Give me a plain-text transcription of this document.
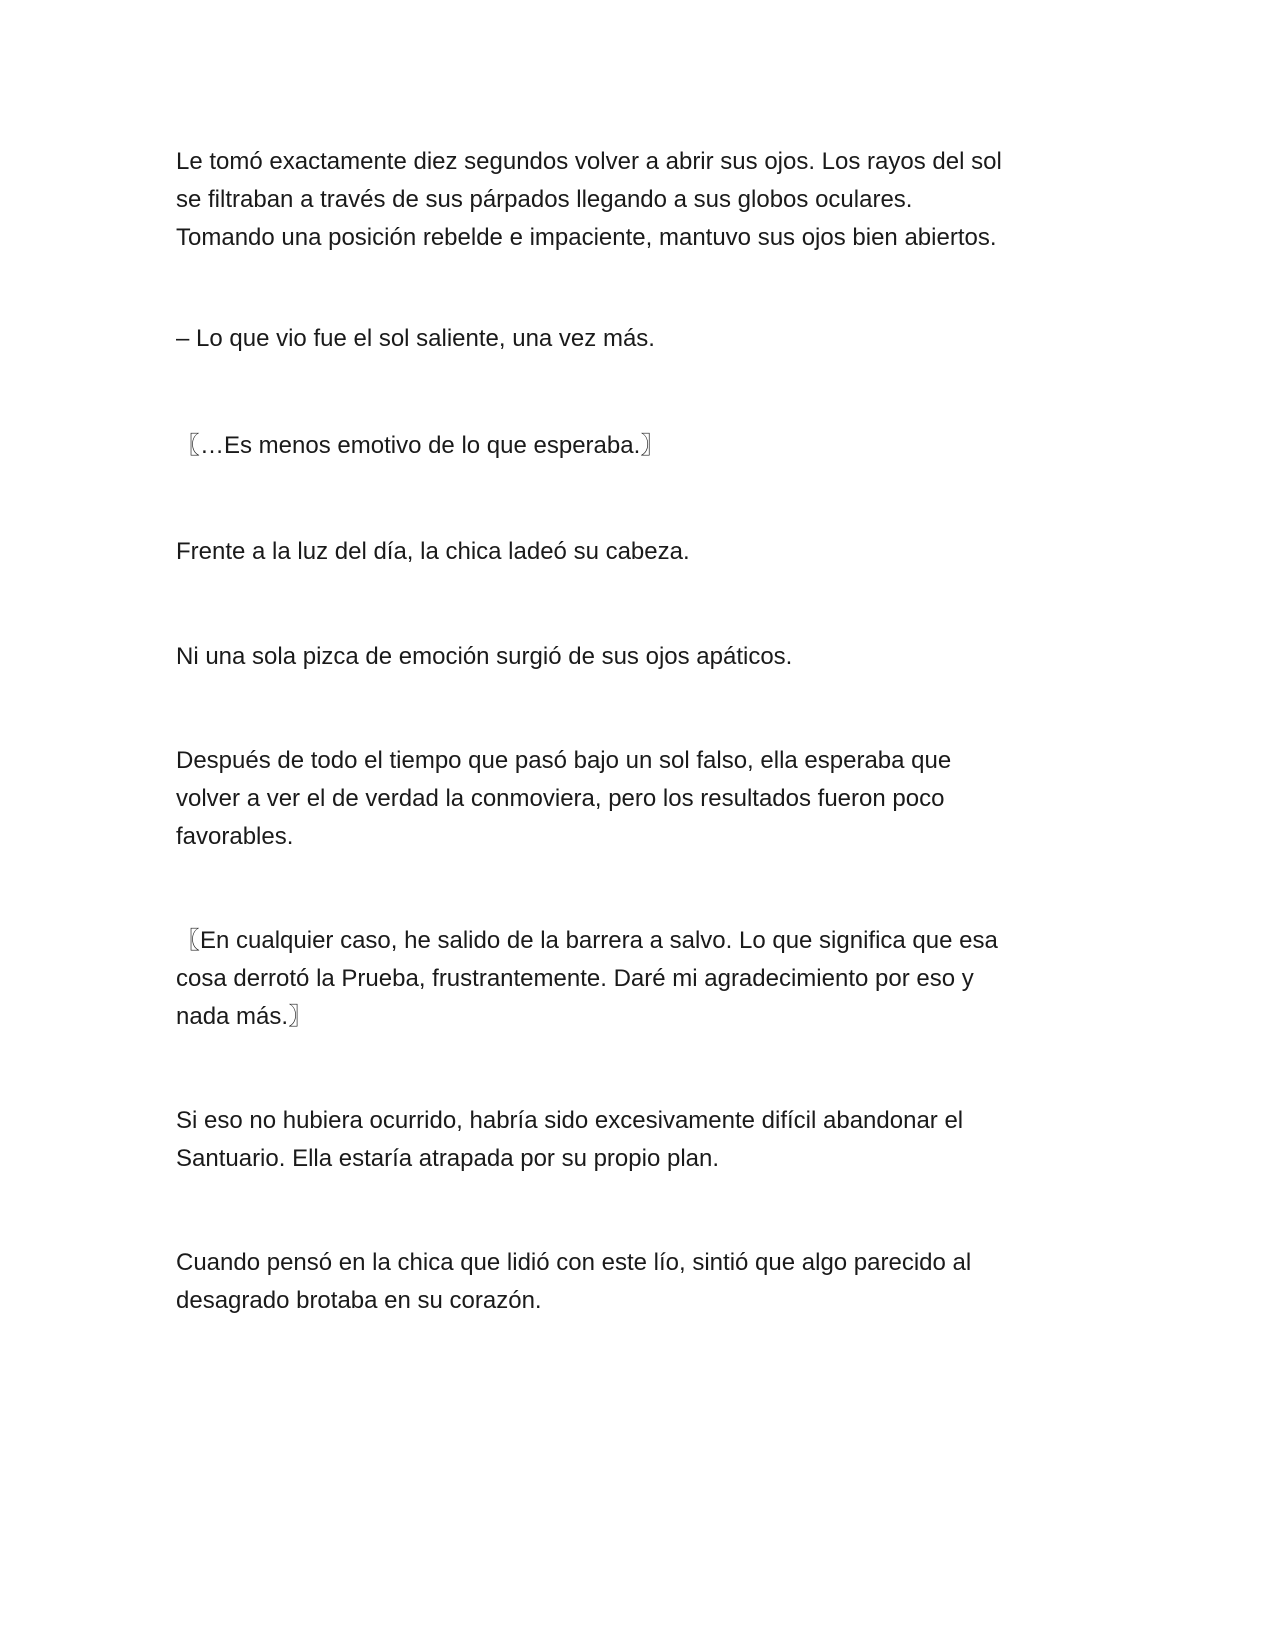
Le tomó exactamente diez segundos volver a abrir sus ojos. Los rayos del sol
se filtraban a través de sus párpados llegando a sus globos oculares.
Tomando una posición rebelde e impaciente, mantuvo sus ojos bien abiertos.

– Lo que vio fue el sol saliente, una vez más.

〖…Es menos emotivo de lo que esperaba.〗

Frente a la luz del día, la chica ladeó su cabeza.

Ni una sola pizca de emoción surgió de sus ojos apáticos.

Después de todo el tiempo que pasó bajo un sol falso, ella esperaba que
volver a ver el de verdad la conmoviera, pero los resultados fueron poco
favorables.

〖En cualquier caso, he salido de la barrera a salvo. Lo que significa que esa
cosa derrotó la Prueba, frustrantemente. Daré mi agradecimiento por eso y
nada más.〗

Si eso no hubiera ocurrido, habría sido excesivamente difícil abandonar el
Santuario. Ella estaría atrapada por su propio plan.

Cuando pensó en la chica que lidió con este lío, sintió que algo parecido al
desagrado brotaba en su corazón.
